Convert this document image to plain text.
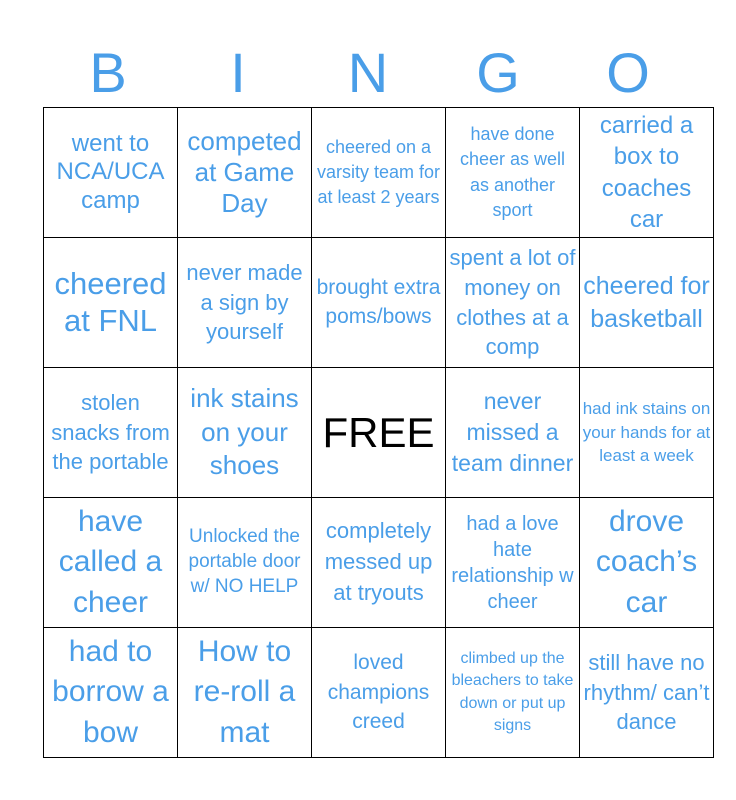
B	I	N	G	O
went to NCA/UCA camp	competed at Game Day	cheered on a varsity team for at least 2 years	have done cheer as well as another sport	carried a box to coaches car
cheered at FNL	never made a sign by yourself	brought extra poms/bows	spent a lot of money on clothes at a comp	cheered for basketball
stolen snacks from the portable	ink stains on your shoes	FREE	never missed a team dinner	had ink stains on your hands for at least a week
have called a cheer	Unlocked the portable door w/ NO HELP	completely messed up at tryouts	had a love hate relationship w cheer	drove coach’s car
had to borrow a bow	How to re-roll a mat	loved champions creed	climbed up the bleachers to take down or put up signs	still have no rhythm/ can’t dance
